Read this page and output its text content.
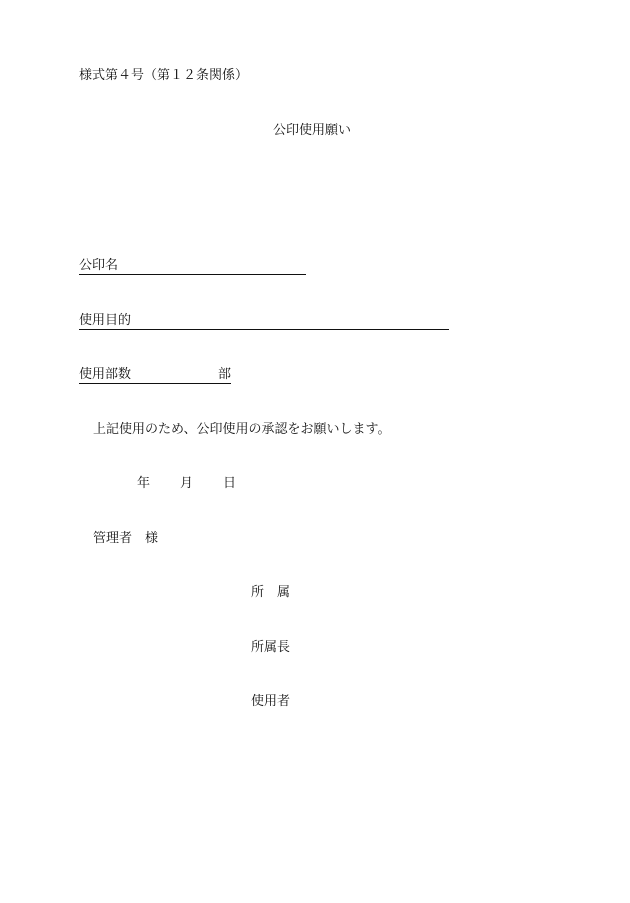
様式第４号（第１２条関係）
公印使用願い
公印名
使用目的
使用部数	部
上記使用のため、公印使用の承認をお願いします。
年 月 日
管理者　様
所　属
所属長
使用者
